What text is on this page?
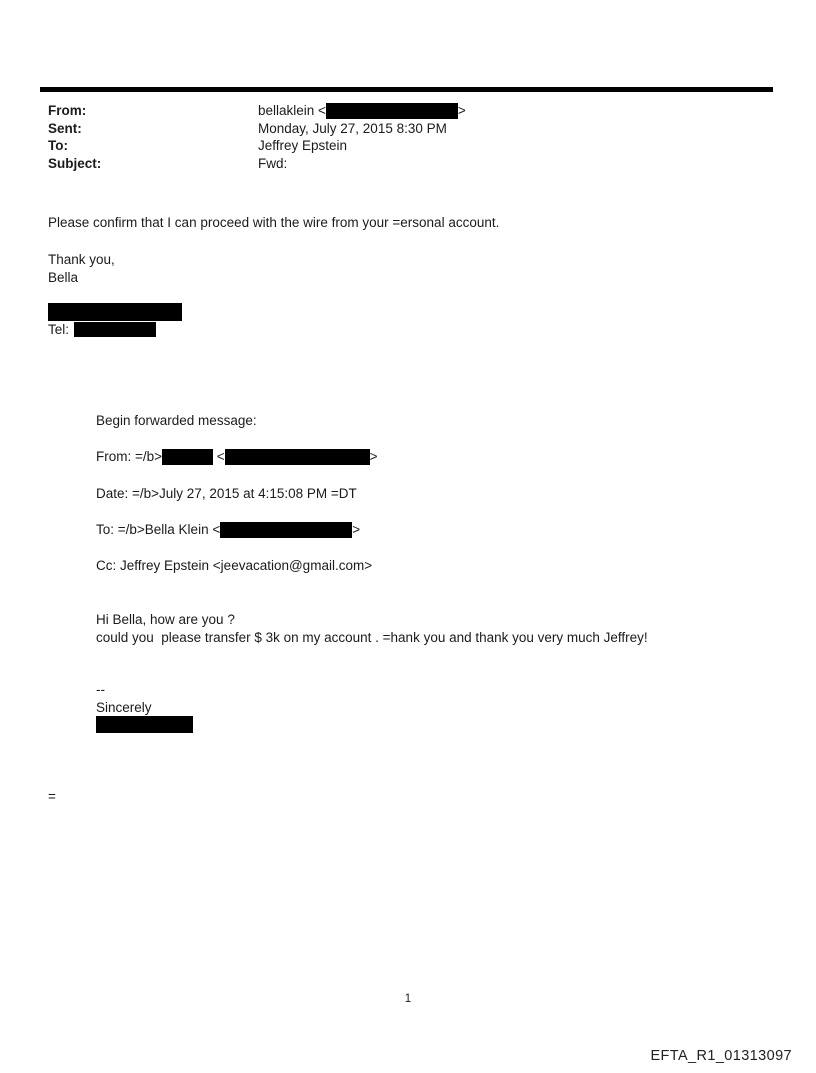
From:	bellaklein <	>
Sent:	Monday, July 27, 2015 8:30 PM
To:	Jeffrey Epstein
Subject:	Fwd:
Please confirm that I can proceed with the wire from your =ersonal account.
Thank you,
Bella
Tel:
Begin forwarded message:
From: =/b>	<	>
Date: =/b>July 27, 2015 at 4:15:08 PM =DT
To: =/b>Bella Klein <	>
Cc: Jeffrey Epstein <jeevacation@gmail.com>
Hi Bella, how are you ?
could you  please transfer $ 3k on my account . =hank you and thank you very much Jeffrey!
--
Sincerely
=
1
EFTA_R1_01313097
